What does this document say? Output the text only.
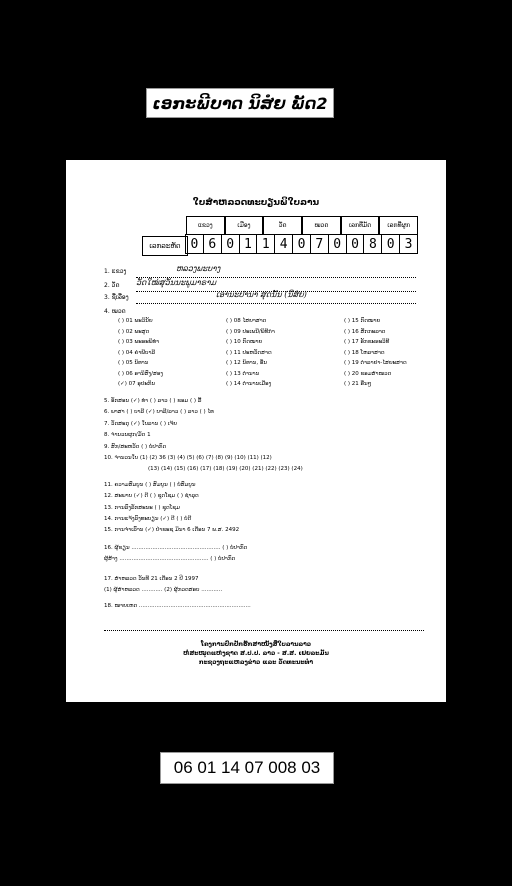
ເອກະພີບາດ ນິສໍຍ ພັດ2
ໃບສຳຫລວດທະບຽນພິໃບລານ
ແຂວງ	ເມືອງ	ວັດ	ໝວດ	ເລກທີ່ມັດ	ເລກທີ່ຜູກ
ເລກລະຫັດ 0 6 0 1 1 4 0 7 0 0 8 0 3
1. ແຂວງ	ຫລວງພະບາງ
2. ວັດ ວັດໃໝ່ສຸວັນນະພູມາຣາມ
3. ຊື່ເລື່ອງ	ເອານະປານາ ສຸດນັ້ນ (ນິສໍຍ)
4. ໝວດ
( ) 01 ພະວິນັຍ
( ) 02 ພະສູດ
( ) 03 ພະອະພິທຳ
( ) 04 ຄຳພີບາລີ
( ) 05 ນິທານ
( ) 06 ອານິສົງ/ສອງ
(✓) 07 ອຸປະກິນ
( ) 08 ໄສຍາສາດ
( ) 09 ປະເພນີ/ພິທີກຳ
( ) 10 ກົດໝາຍ
( ) 11 ປະຫວັດສາດ
( ) 12 ນິທານ, ອື່ນ
( ) 13 ຕຳນານ
( ) 14 ຕຳນານເມືອງ
( ) 15 ກົດໝາຍ
( ) 16 ສັກກະລາດ
( ) 17 ອັກຂະຣະວິທີ
( ) 18 ໂຫລາສາດ
( ) 19 ຕຳລາຢາ-ໄສຍະສາດ
( ) 20 ຂອມສຳໝວດ
( ) 21 ອື່ນໆ
5. ອັກສອນ (✓) ທຳ ( ) ລາວ ( ) ຂອມ ( ) ລື້
6. ພາສາ ( ) ບາລີ (✓) ບາລີ/ລາວ ( ) ລາວ ( ) ໄທ
7. ວັດສະດຸ (✓) ໃບລານ ( ) ເຈ້ຍ
8. ຈຳນວນຜູກ/ມັດ 1
9. ສົກ/ສະຫວັດ ( ) ບໍ່ປາກົດ
10. ຈຳນວນໃບ (1) (2) 36 (3) (4) (5) (6) (7) (8) (9) (10) (11) (12)
(13) (14) (15) (16) (17) (18) (19) (20) (21) (22) (23) (24)
11. ຄວາມສົມບູນ ( ) ສົມບູນ ( ) ບໍ່ສົມບູນ
12. ສະພາບ (✓) ດີ ( ) ຊຸດໂຊມ ( ) ຊຳລຸດ
13. ການລົງລັກສະນະ ( ) ຊຸດໂຊມ
14. ການແຈ້ງລົງທະບຽນ (✓) ດີ ( ) ບໍ່ດີ
15. ການຈຳເລົ່ານ (✓) ປຳຂະຊ ມິນາ 6 ເດືອນ 7 ພ.ສ. 2492
16. ຜູ້ຂຽນ ................................................... ( ) ບໍ່ປາກົດ
ຜູ້ສ້າງ ................................................... ( ) ບໍ່ປາກົດ
17. ສຳຫລວດ ວັນທີ 21 ເດືອນ 2 ປີ 1997
(1) ຜູ້ສຳຫລວດ ............ (2) ຜູ້ກວດສອບ ............
18. ໝາຍເຫດ ................................................................
ໂຄງການປົກປັກຮັກສາໜັງສືໃບລານລາວ
ຫໍສະໝຸດແຫ່ງຊາດ ສ.ປ.ປ. ລາວ - ສ.ສ. ເຢຍລະມັນ
ກະຊວງຖະແຫລງຂ່າວ ແລະ ວັດທະນະທຳ
06 01 14 07 008 03
